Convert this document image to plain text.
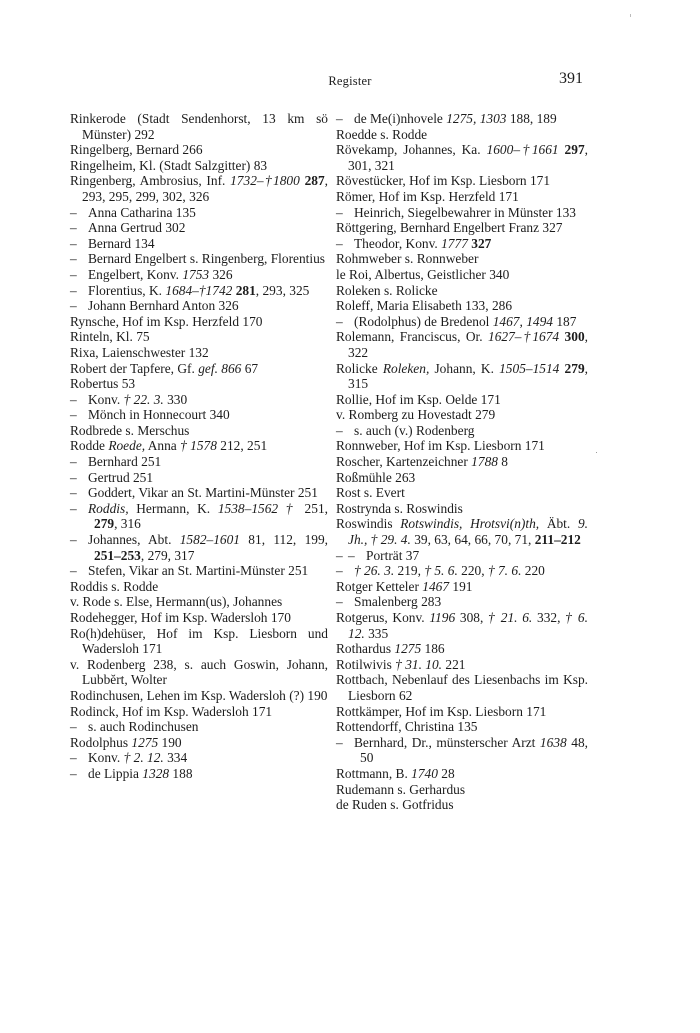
Register	391

Rinkerode (Stadt Sendenhorst, 13 km sö Münster) 292

Ringelberg, Bernard 266

Ringelheim, Kl. (Stadt Salzgitter) 83

Ringenberg, Ambrosius, Inf. 1732–†1800 287, 293, 295, 299, 302, 326

– Anna Catharina 135

– Anna Gertrud 302

– Bernard 134

– Bernard Engelbert s. Ringenberg, Florentius

– Engelbert, Konv. 1753 326

– Florentius, K. 1684–†1742 281, 293, 325

– Johann Bernhard Anton 326

Rynsche, Hof im Ksp. Herzfeld 170

Rinteln, Kl. 75

Rixa, Laienschwester 132

Robert der Tapfere, Gf. gef. 866 67

Robertus 53

– Konv. † 22. 3. 330

– Mönch in Honnecourt 340

Rodbrede s. Merschus

Rodde Roede, Anna † 1578 212, 251

– Bernhard 251

– Gertrud 251

– Goddert, Vikar an St. Martini-Münster 251

– Roddis, Hermann, K. 1538–1562 † 251, 279, 316

– Johannes, Abt. 1582–1601 81, 112, 199, 251–253, 279, 317

– Stefen, Vikar an St. Martini-Münster 251

Roddis s. Rodde

v. Rode s. Else, Hermann(us), Johannes

Rodehegger, Hof im Ksp. Wadersloh 170

Ro(h)dehüser, Hof im Ksp. Liesborn und Wadersloh 171

v. Rodenberg 238, s. auch Goswin, Johann, Lubbĕrt, Wolter

Rodinchusen, Lehen im Ksp. Wadersloh (?) 190

Rodinck, Hof im Ksp. Wadersloh 171

– s. auch Rodinchusen

Rodolphus 1275 190

– Konv. † 2. 12. 334

– de Lippia 1328 188

– de Me(i)nhovele 1275, 1303 188, 189

Roedde s. Rodde

Rövekamp, Johannes, Ka. 1600–†1661 297, 301, 321

Rövestücker, Hof im Ksp. Liesborn 171

Römer, Hof im Ksp. Herzfeld 171

– Heinrich, Siegelbewahrer in Münster 133

Röttgering, Bernhard Engelbert Franz 327

– Theodor, Konv. 1777 327

Rohmweber s. Ronnweber

le Roi, Albertus, Geistlicher 340

Roleken s. Rolicke

Roleff, Maria Elisabeth 133, 286

– (Rodolphus) de Bredenol 1467, 1494 187

Rolemann, Franciscus, Or. 1627–†1674 300, 322

Rolicke Roleken, Johann, K. 1505–1514 279, 315

Rollie, Hof im Ksp. Oelde 171

v. Romberg zu Hovestadt 279

– s. auch (v.) Rodenberg

Ronnweber, Hof im Ksp. Liesborn 171

Roscher, Kartenzeichner 1788 8

Roßmühle 263

Rost s. Evert

Rostrynda s. Roswindis

Roswindis Rotswindis, Hrotsvi(n)th, Äbt. 9. Jh., † 29. 4. 39, 63, 64, 66, 70, 71, 211–212

– – Porträt 37

– † 26. 3. 219, † 5. 6. 220, † 7. 6. 220

Rotger Ketteler 1467 191

– Smalenberg 283

Rotgerus, Konv. 1196 308, † 21. 6. 332, † 6. 12. 335

Rothardus 1275 186

Rotilwivis † 31. 10. 221

Rottbach, Nebenlauf des Liesenbachs im Ksp. Liesborn 62

Rottkämper, Hof im Ksp. Liesborn 171

Rottendorff, Christina 135

– Bernhard, Dr., münsterscher Arzt 1638 48, 50

Rottmann, B. 1740 28

Rudemann s. Gerhardus

de Ruden s. Gotfridus
